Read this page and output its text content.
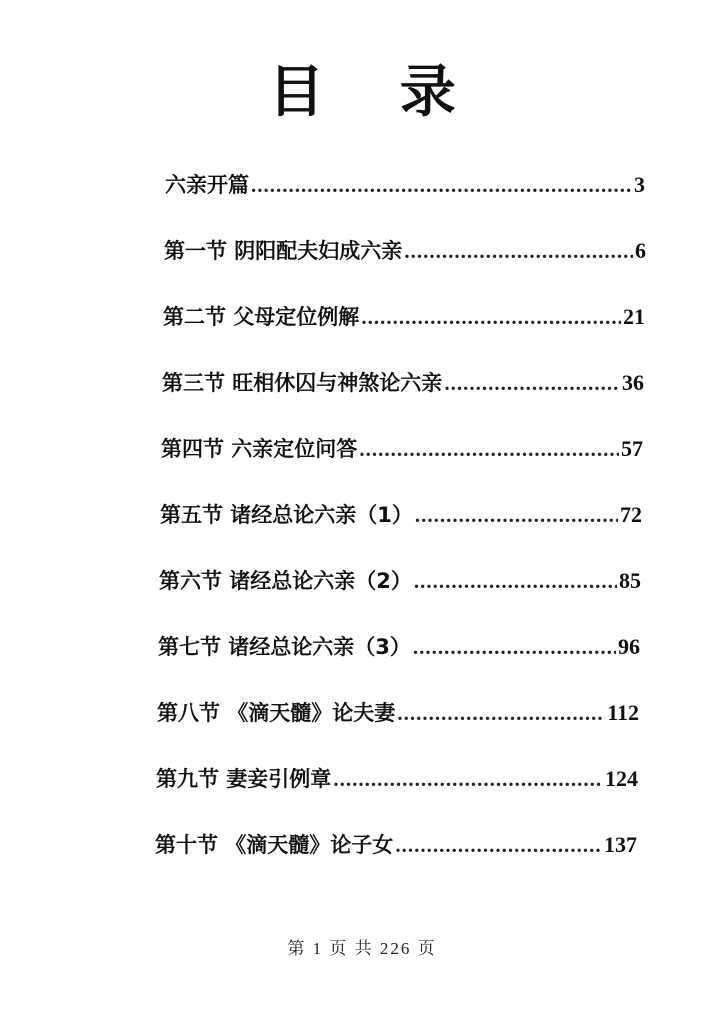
目 录
六亲开篇 .....	3
第一节 阴阳配夫妇成六亲 .....	6
第二节 父母定位例解 .....	21
第三节 旺相休囚与神煞论六亲 .....	36
第四节 六亲定位问答 .....	57
第五节 诸经总论六亲（1） .....	72
第六节 诸经总论六亲（2） .....	85
第七节 诸经总论六亲（3） .....	96
第八节 《滴天髓》论夫妻 .....	112
第九节 妻妾引例章 .....	124
第十节 《滴天髓》论子女 .....	137
第 1 页 共 226 页
